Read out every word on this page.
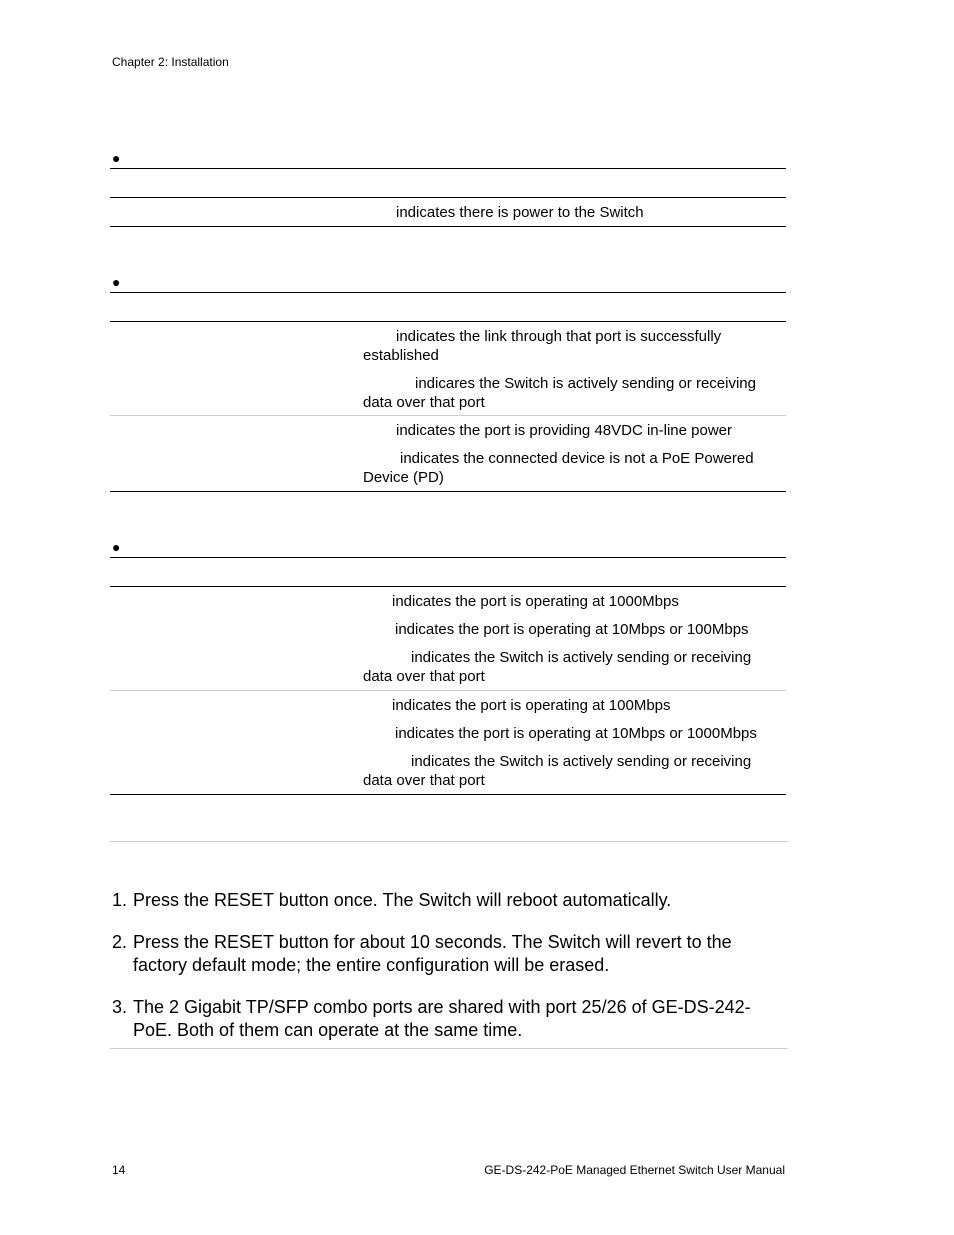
Chapter 2: Installation
●
indicates there is power to the Switch
●
indicates the link through that port is successfully established
indicares the Switch is actively sending or receiving data over that port
indicates the port is providing 48VDC in-line power
indicates the connected device is not a PoE Powered Device (PD)
●
indicates the port is operating at 1000Mbps
indicates the port is operating at 10Mbps or 100Mbps
indicates the Switch is actively sending or receiving data over that port
indicates the port is operating at 100Mbps
indicates the port is operating at 10Mbps or 1000Mbps
indicates the Switch is actively sending or receiving data over that port

1. Press the RESET button once. The Switch will reboot automatically.

2. Press the RESET button for about 10 seconds. The Switch will revert to the factory default mode; the entire configuration will be erased.

3. The 2 Gigabit TP/SFP combo ports are shared with port 25/26 of GE-DS-242-PoE. Both of them can operate at the same time.

14	GE-DS-242-PoE Managed Ethernet Switch User Manual
